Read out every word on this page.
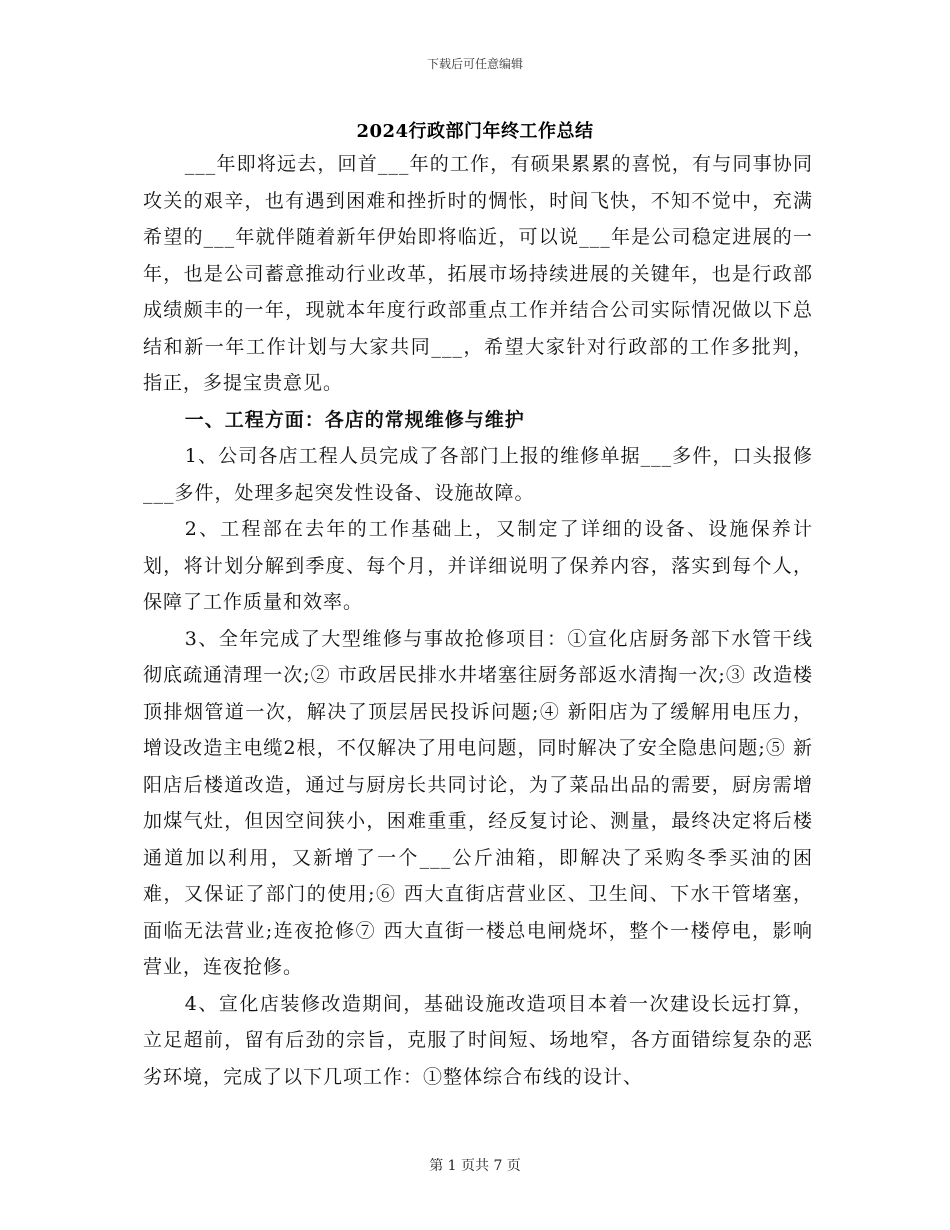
下载后可任意编辑
2024行政部门年终工作总结

___年即将远去，回首___年的工作，有硕果累累的喜悦，有与同事协同攻关的艰辛，也有遇到困难和挫折时的惆怅，时间飞快，不知不觉中，充满希望的___年就伴随着新年伊始即将临近，可以说___年是公司稳定进展的一年，也是公司蓄意推动行业改革，拓展市场持续进展的关键年，也是行政部成绩颇丰的一年，现就本年度行政部重点工作并结合公司实际情况做以下总结和新一年工作计划与大家共同___，希望大家针对行政部的工作多批判，指正，多提宝贵意见。

一、工程方面：各店的常规维修与维护

1、公司各店工程人员完成了各部门上报的维修单据___多件，口头报修___多件，处理多起突发性设备、设施故障。

2、工程部在去年的工作基础上，又制定了详细的设备、设施保养计划，将计划分解到季度、每个月，并详细说明了保养内容，落实到每个人，保障了工作质量和效率。

3、全年完成了大型维修与事故抢修项目：①宣化店厨务部下水管干线彻底疏通清理一次;② 市政居民排水井堵塞往厨务部返水清掏一次;③ 改造楼顶排烟管道一次，解决了顶层居民投诉问题;④ 新阳店为了缓解用电压力，增设改造主电缆2根，不仅解决了用电问题，同时解决了安全隐患问题;⑤ 新阳店后楼道改造，通过与厨房长共同讨论，为了菜品出品的需要，厨房需增加煤气灶，但因空间狭小，困难重重，经反复讨论、测量，最终决定将后楼通道加以利用，又新增了一个___公斤油箱，即解决了采购冬季买油的困难，又保证了部门的使用;⑥ 西大直街店营业区、卫生间、下水干管堵塞，面临无法营业;连夜抢修⑦ 西大直街一楼总电闸烧坏，整个一楼停电，影响营业，连夜抢修。

4、宣化店装修改造期间，基础设施改造项目本着一次建设长远打算，立足超前，留有后劲的宗旨，克服了时间短、场地窄，各方面错综复杂的恶劣环境，完成了以下几项工作：①整体综合布线的设计、

第 1 页共 7 页
